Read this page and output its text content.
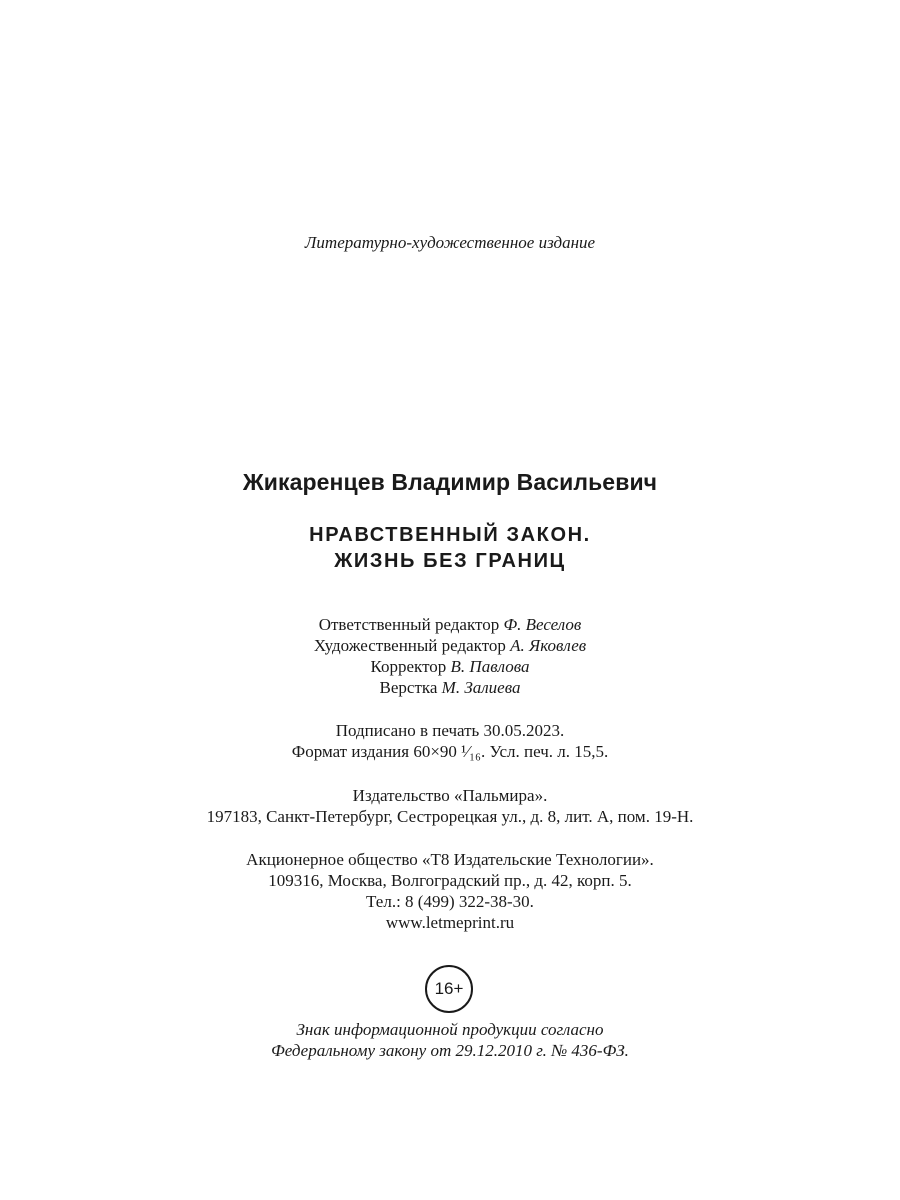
Литературно-художественное издание
Жикаренцев Владимир Васильевич
НРАВСТВЕННЫЙ ЗАКОН.
ЖИЗНЬ БЕЗ ГРАНИЦ
Ответственный редактор Ф. Веселов
Художественный редактор А. Яковлев
Корректор В. Павлова
Верстка М. Залиева
Подписано в печать 30.05.2023.
Формат издания 60×90 ¹⁄₁₆. Усл. печ. л. 15,5.
Издательство «Пальмира».
197183, Санкт-Петербург, Сестрорецкая ул., д. 8, лит. А, пом. 19-Н.
Акционерное общество «Т8 Издательские Технологии».
109316, Москва, Волгоградский пр., д. 42, корп. 5.
Тел.: 8 (499) 322-38-30.
www.letmeprint.ru
16+
Знак информационной продукции согласно
Федеральному закону от 29.12.2010 г. № 436-ФЗ.
